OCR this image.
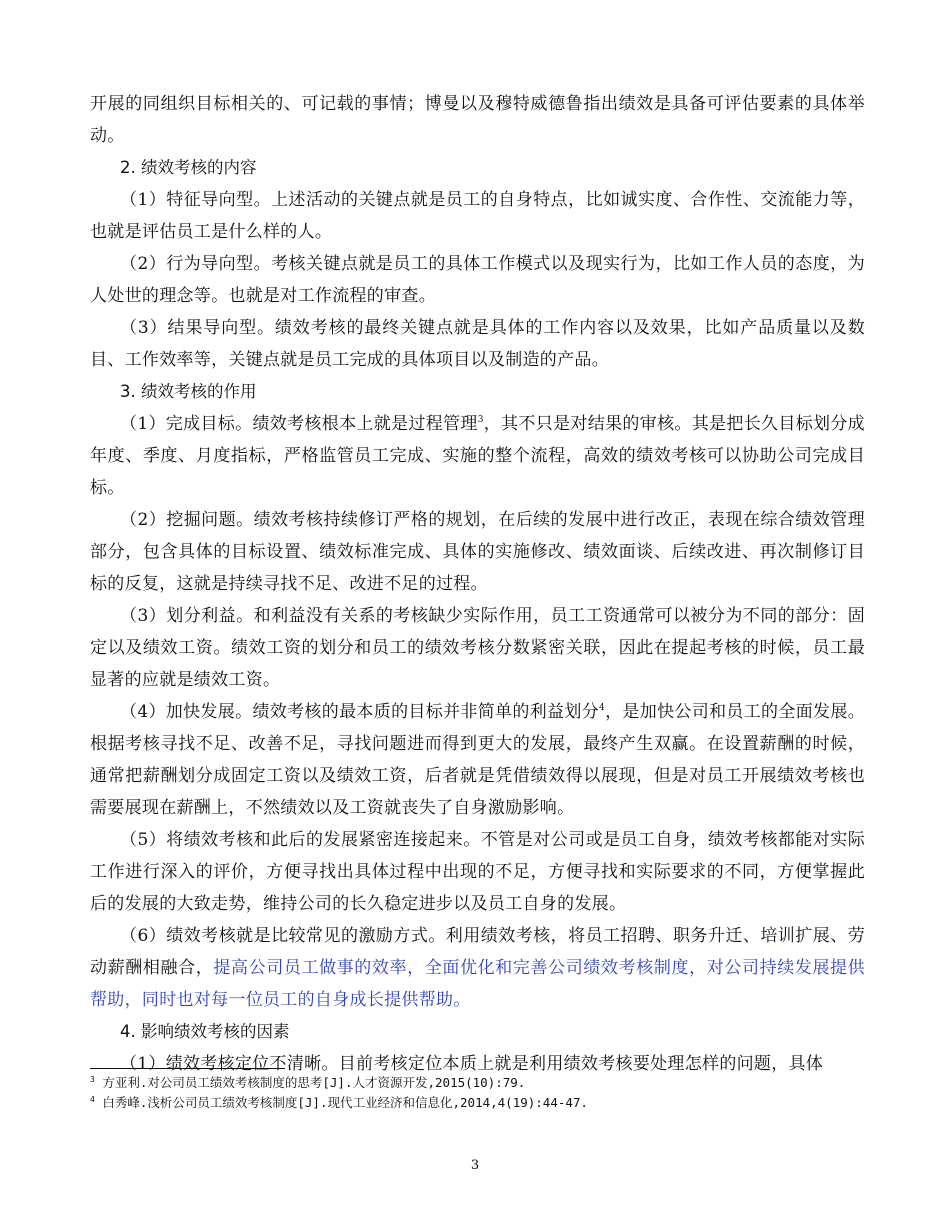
开展的同组织目标相关的、可记载的事情；博曼以及穆特威德鲁指出绩效是具备可评估要素的具体举动。

2. 绩效考核的内容

（1）特征导向型。上述活动的关键点就是员工的自身特点，比如诚实度、合作性、交流能力等，也就是评估员工是什么样的人。

（2）行为导向型。考核关键点就是员工的具体工作模式以及现实行为，比如工作人员的态度，为人处世的理念等。也就是对工作流程的审查。

（3）结果导向型。绩效考核的最终关键点就是具体的工作内容以及效果，比如产品质量以及数目、工作效率等，关键点就是员工完成的具体项目以及制造的产品。

3. 绩效考核的作用

（1）完成目标。绩效考核根本上就是过程管理$^3$，其不只是对结果的审核。其是把长久目标划分成年度、季度、月度指标，严格监管员工完成、实施的整个流程，高效的绩效考核可以协助公司完成目标。

（2）挖掘问题。绩效考核持续修订严格的规划，在后续的发展中进行改正，表现在综合绩效管理部分，包含具体的目标设置、绩效标准完成、具体的实施修改、绩效面谈、后续改进、再次制修订目标的反复，这就是持续寻找不足、改进不足的过程。

（3）划分利益。和利益没有关系的考核缺少实际作用，员工工资通常可以被分为不同的部分：固定以及绩效工资。绩效工资的划分和员工的绩效考核分数紧密关联，因此在提起考核的时候，员工最显著的应就是绩效工资。

（4）加快发展。绩效考核的最本质的目标并非简单的利益划分$^4$，是加快公司和员工的全面发展。根据考核寻找不足、改善不足，寻找问题进而得到更大的发展，最终产生双赢。在设置薪酬的时候，通常把薪酬划分成固定工资以及绩效工资，后者就是凭借绩效得以展现，但是对员工开展绩效考核也需要展现在薪酬上，不然绩效以及工资就丧失了自身激励影响。

（5）将绩效考核和此后的发展紧密连接起来。不管是对公司或是员工自身，绩效考核都能对实际工作进行深入的评价，方便寻找出具体过程中出现的不足，方便寻找和实际要求的不同，方便掌握此后的发展的大致走势，维持公司的长久稳定进步以及员工自身的发展。

（6）绩效考核就是比较常见的激励方式。利用绩效考核，将员工招聘、职务升迁、培训扩展、劳动薪酬相融合，提高公司员工做事的效率，全面优化和完善公司绩效考核制度，对公司持续发展提供帮助，同时也对每一位员工的自身成长提供帮助。

4. 影响绩效考核的因素

（1）绩效考核定位不清晰。目前考核定位本质上就是利用绩效考核要处理怎样的问题，具体

$^3$ 方亚利.对公司员工绩效考核制度的思考[J].人才资源开发,2015(10):79.

$^4$ 白秀峰.浅析公司员工绩效考核制度[J].现代工业经济和信息化,2014,4(19):44-47.

3
